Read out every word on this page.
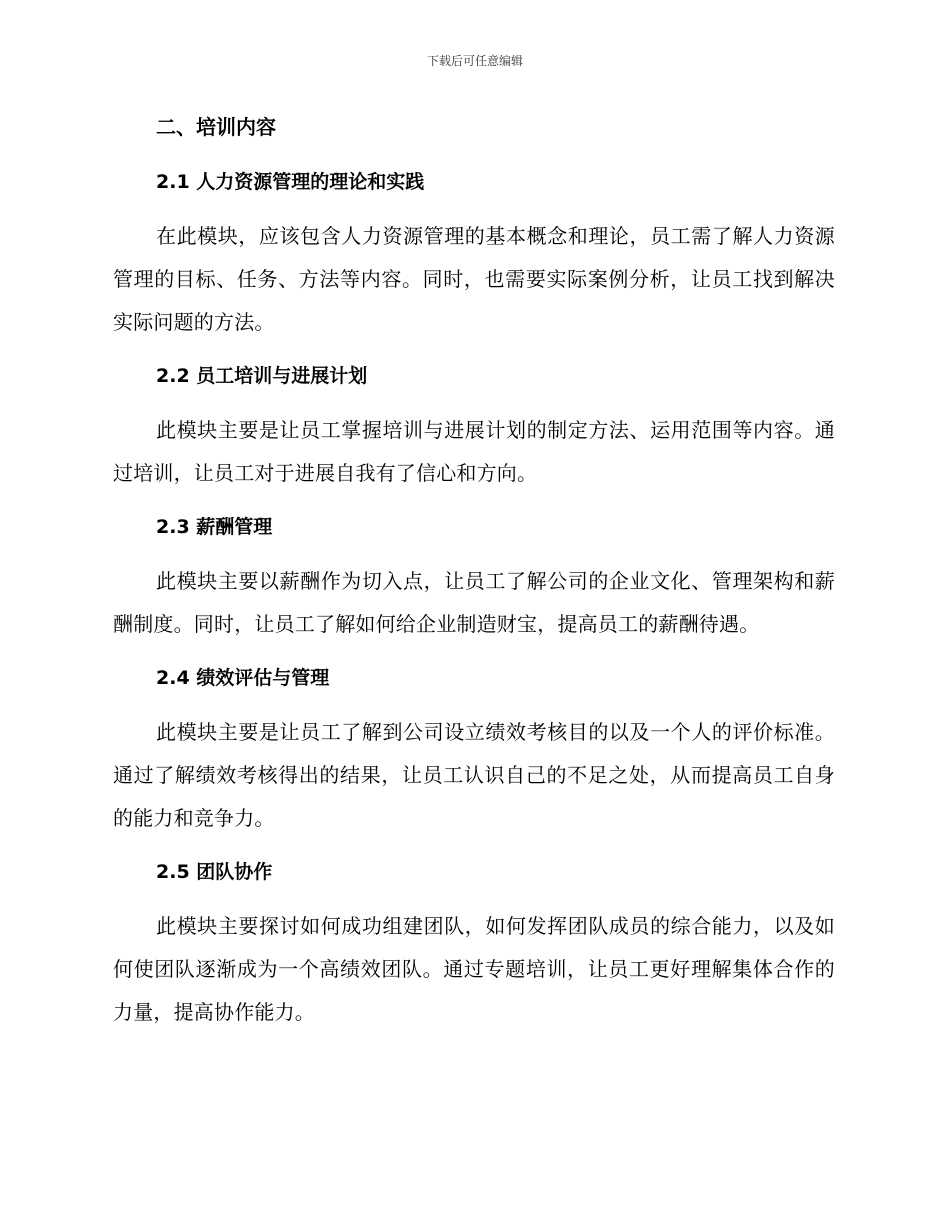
下载后可任意编辑
二、培训内容
2.1 人力资源管理的理论和实践

在此模块，应该包含人力资源管理的基本概念和理论，员工需了解人力资源管理的目标、任务、方法等内容。同时，也需要实际案例分析，让员工找到解决实际问题的方法。

2.2 员工培训与进展计划

此模块主要是让员工掌握培训与进展计划的制定方法、运用范围等内容。通过培训，让员工对于进展自我有了信心和方向。

2.3 薪酬管理

此模块主要以薪酬作为切入点，让员工了解公司的企业文化、管理架构和薪酬制度。同时，让员工了解如何给企业制造财宝，提高员工的薪酬待遇。

2.4 绩效评估与管理

此模块主要是让员工了解到公司设立绩效考核目的以及一个人的评价标准。通过了解绩效考核得出的结果，让员工认识自己的不足之处，从而提高员工自身的能力和竞争力。

2.5 团队协作

此模块主要探讨如何成功组建团队，如何发挥团队成员的综合能力，以及如何使团队逐渐成为一个高绩效团队。通过专题培训，让员工更好理解集体合作的力量，提高协作能力。
